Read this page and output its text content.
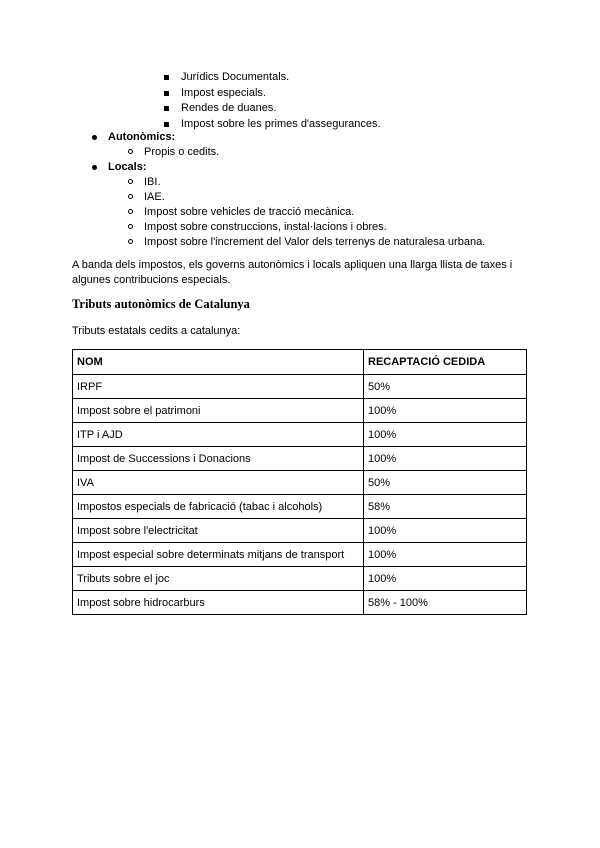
Jurídics Documentals.
Impost especials.
Rendes de duanes.
Impost sobre les primes d'assegurances.
Autonòmics:
Propis o cedits.
Locals:
IBI.
IAE.
Impost sobre vehicles de tracció mecànica.
Impost sobre construccions, instal·lacions i obres.
Impost sobre l'increment del Valor dels terrenys de naturalesa urbana.

A banda dels impostos, els governs autonòmics i locals apliquen una llarga llista de taxes i algunes contribucions especials.

Tributs autonòmics de Catalunya

Tributs estatals cedits a catalunya:

NOM	RECAPTACIÓ CEDIDA
IRPF	50%
Impost sobre el patrimoni	100%
ITP i AJD	100%
Impost de Successions i Donacions	100%
IVA	50%
Impostos especials de fabricació (tabac i alcohols)	58%
Impost sobre l'electricitat	100%
Impost especial sobre determinats mitjans de transport	100%
Tributs sobre el joc	100%
Impost sobre hidrocarburs	58% - 100%
